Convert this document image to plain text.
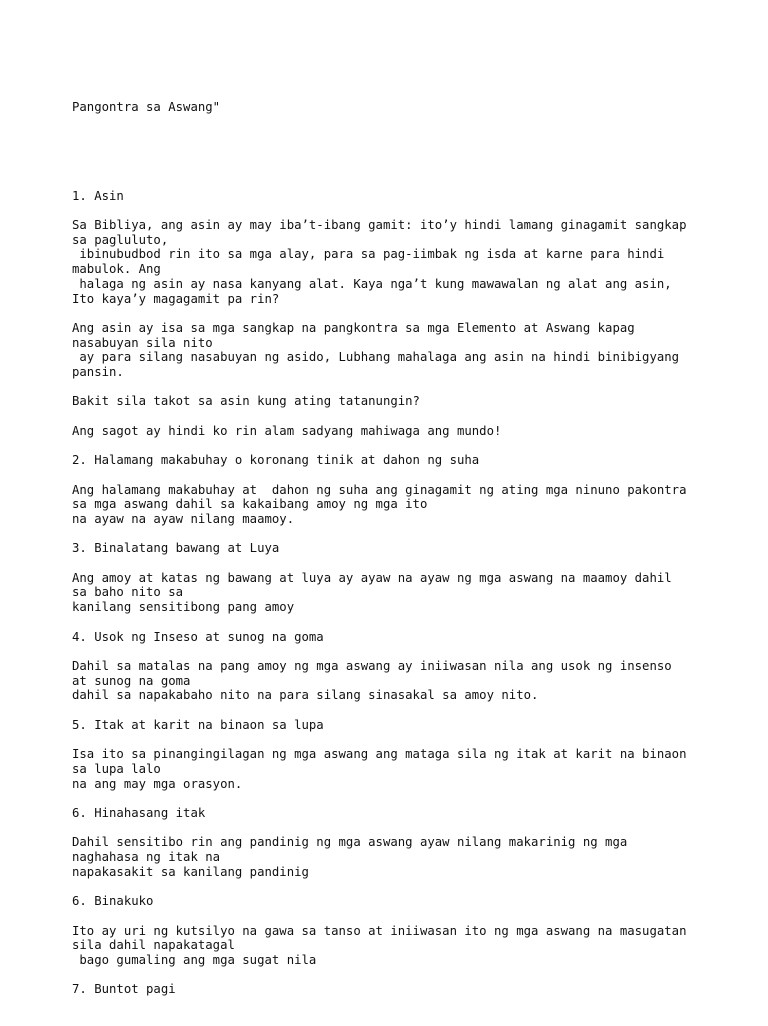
Pangontra sa Aswang"

1. Asin
Sa Bibliya, ang asin ay may iba’t-ibang gamit: ito’y hindi lamang ginagamit sangkap
sa pagluluto,
ibinubudbod rin ito sa mga alay, para sa pag-iimbak ng isda at karne para hindi
mabulok. Ang
halaga ng asin ay nasa kanyang alat. Kaya nga’t kung mawawalan ng alat ang asin,
Ito kaya’y magagamit pa rin?
Ang asin ay isa sa mga sangkap na pangkontra sa mga Elemento at Aswang kapag
nasabuyan sila nito
ay para silang nasabuyan ng asido, Lubhang mahalaga ang asin na hindi binibigyang
pansin.
Bakit sila takot sa asin kung ating tatanungin?
Ang sagot ay hindi ko rin alam sadyang mahiwaga ang mundo!
2. Halamang makabuhay o koronang tinik at dahon ng suha
Ang halamang makabuhay at  dahon ng suha ang ginagamit ng ating mga ninuno pakontra
sa mga aswang dahil sa kakaibang amoy ng mga ito
na ayaw na ayaw nilang maamoy.
3. Binalatang bawang at Luya
Ang amoy at katas ng bawang at luya ay ayaw na ayaw ng mga aswang na maamoy dahil
sa baho nito sa
kanilang sensitibong pang amoy
4. Usok ng Inseso at sunog na goma
Dahil sa matalas na pang amoy ng mga aswang ay iniiwasan nila ang usok ng insenso
at sunog na goma
dahil sa napakabaho nito na para silang sinasakal sa amoy nito.
5. Itak at karit na binaon sa lupa
Isa ito sa pinangingilagan ng mga aswang ang mataga sila ng itak at karit na binaon
sa lupa lalo
na ang may mga orasyon.
6. Hinahasang itak
Dahil sensitibo rin ang pandinig ng mga aswang ayaw nilang makarinig ng mga
naghahasa ng itak na
napakasakit sa kanilang pandinig
6. Binakuko
Ito ay uri ng kutsilyo na gawa sa tanso at iniiwasan ito ng mga aswang na masugatan
sila dahil napakatagal
bago gumaling ang mga sugat nila
7. Buntot pagi
